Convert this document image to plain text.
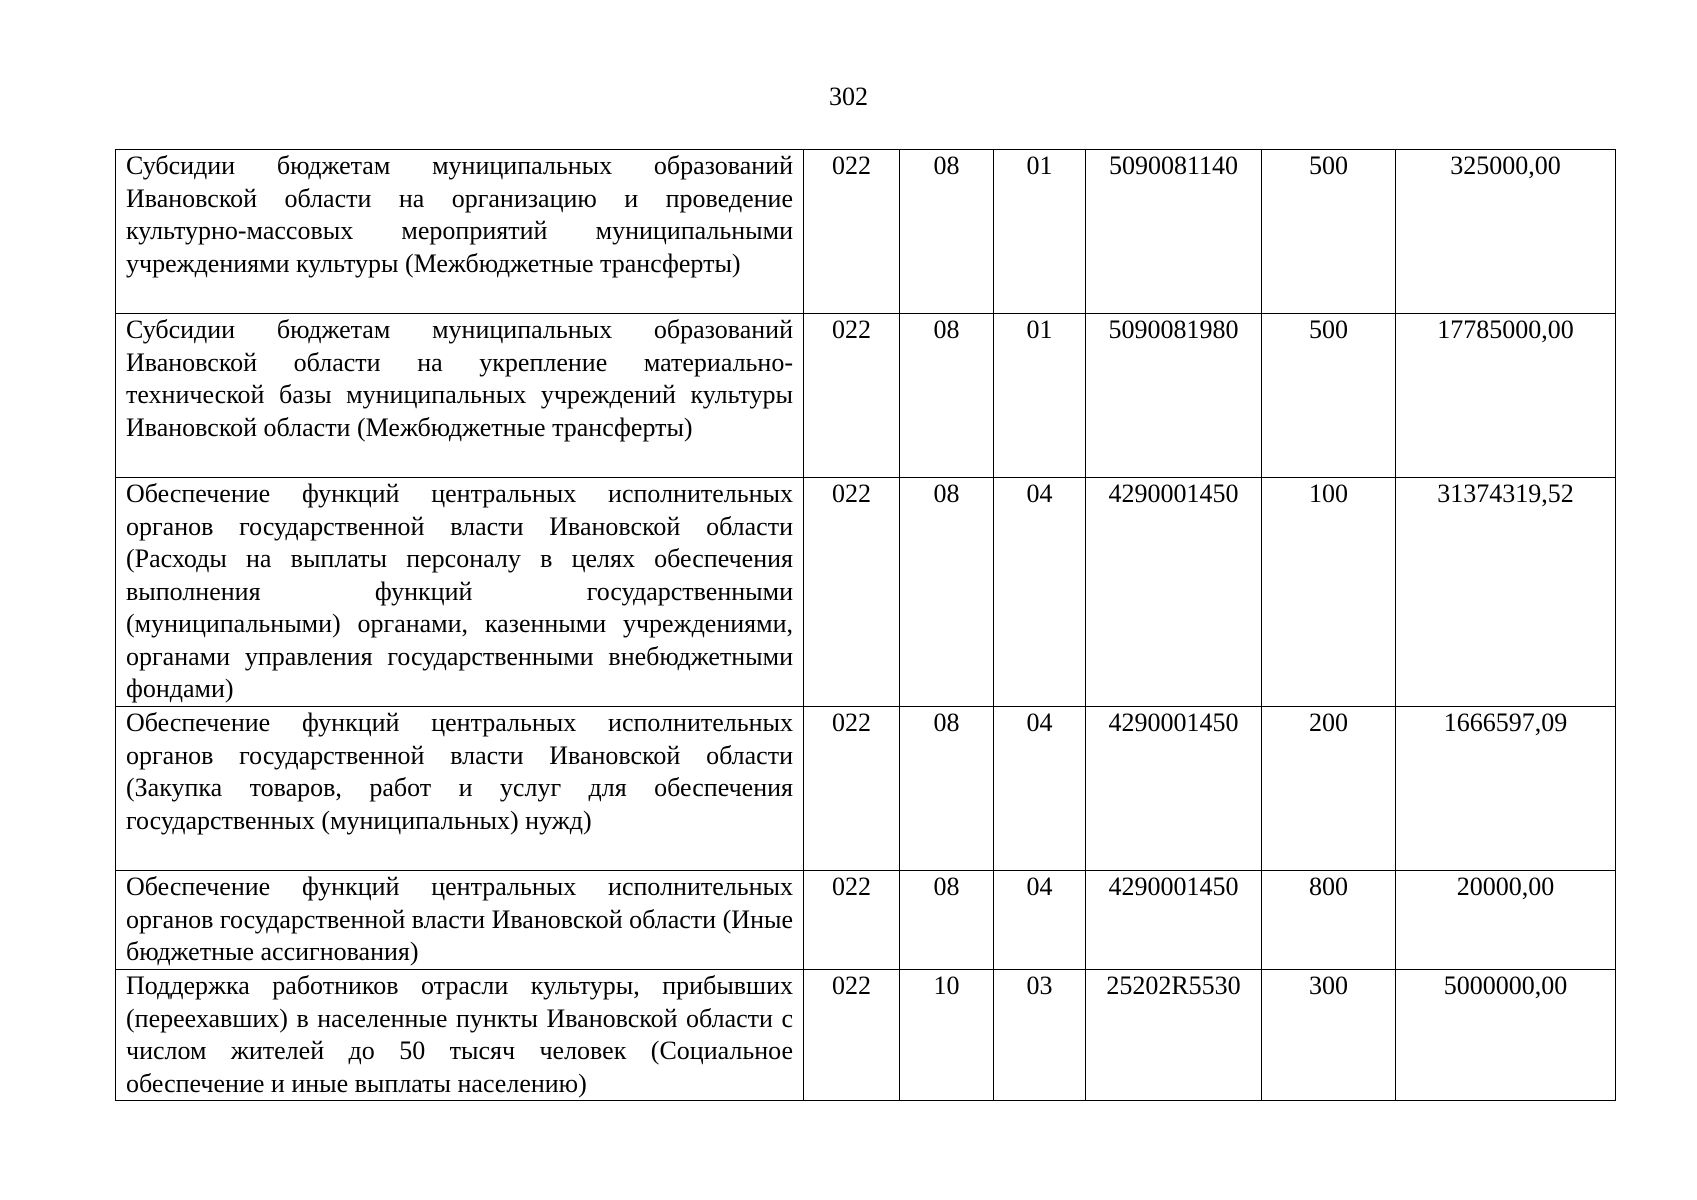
302
Субсидии бюджетам муниципальных образований Ивановской области на организацию и проведение культурно-массовых мероприятий муниципальными учреждениями культуры (Межбюджетные трансферты)	022	08	01	5090081140	500	325000,00
Субсидии бюджетам муниципальных образований Ивановской области на укрепление материально-технической базы муниципальных учреждений культуры Ивановской области (Межбюджетные трансферты)	022	08	01	5090081980	500	17785000,00
Обеспечение функций центральных исполнительных органов государственной власти Ивановской области (Расходы на выплаты персоналу в целях обеспечения выполнения функций государственными (муниципальными) органами, казенными учреждениями, органами управления государственными внебюджетными фондами)	022	08	04	4290001450	100	31374319,52
Обеспечение функций центральных исполнительных органов государственной власти Ивановской области (Закупка товаров, работ и услуг для обеспечения государственных (муниципальных) нужд)	022	08	04	4290001450	200	1666597,09
Обеспечение функций центральных исполнительных органов государственной власти Ивановской области (Иные бюджетные ассигнования)	022	08	04	4290001450	800	20000,00
Поддержка работников отрасли культуры, прибывших (переехавших) в населенные пункты Ивановской области с числом жителей до 50 тысяч человек (Социальное обеспечение и иные выплаты населению)	022	10	03	25202R5530	300	5000000,00
